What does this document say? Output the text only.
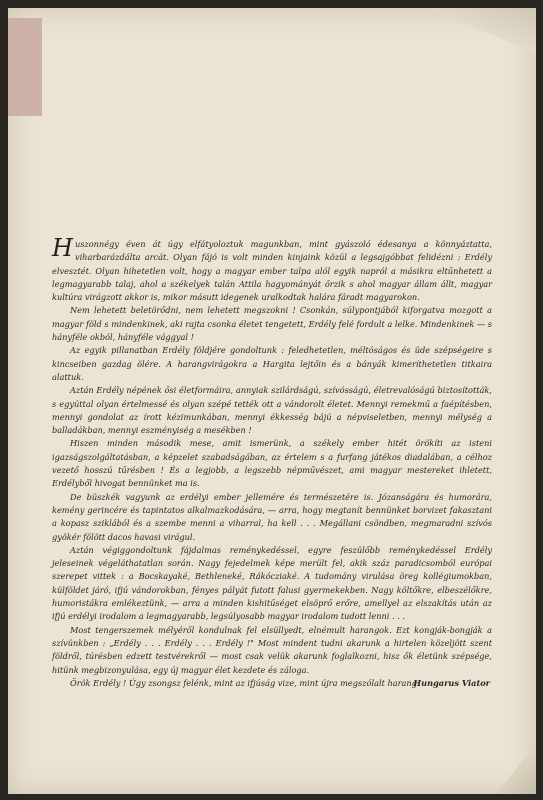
Huszonnégy éven át úgy elfátyoloztuk magunkban, mint gyászoló édesanya a könnyáztatta, viharbarázdálta arcát. Olyan fájó is volt minden kinjaink közül a legsajgóbbat felidézni : Erdély elvesztét. Olyan hihetetlen volt, hogy a magyar ember talpa alól egyik napról a másikra eltűnhetett a legmagyarabb talaj, ahol a székelyek talán Attila hagyományát őrzik s ahol magyar állam állt, magyar kultúra virágzott akkor is, mikor másutt idegenek uralkodtak halára fáradt magyarokon.

Nem lehetett beletörődni, nem lehetett megszokni ! Csonkán, súlypontjából kiforgatva mozgott a magyar föld s mindenkinek, aki rajta csonka életet tengetett, Erdély felé fordult a lelke. Mindenkinek — s hányféle okból, hányféle vággyal !

Az egyik pillanatban Erdély földjére gondoltunk : feledhetetlen, méltóságos és üde szépségeire s kincseiben gazdag ölére. A harangvirágokra a Hargita lejtőin és a bányák kimeríthetetlen titkaira alattuk.

Aztán Erdély népének ősi életformáira, annyiak szilárdságú, szívósságú, életrevalóságú biztosították, s egyúttal olyan értelmessé és olyan szépé tették ott a vándorolt életet. Mennyi remekmű a faépítésben, mennyi gondolat az írott kézimunkában, mennyi ékkesség bájú a népviseletben, mennyi mélység a balladákban, mennyi eszményiség a mesékben !

Hiszen minden második mese, amit ismerünk, a székely ember hitét örökíti az isteni igazságszolgáltatásban, a képzelet szabadságában, az értelem s a furfang játékos diadalában, a célhoz vezető hosszú tűrésben ! És a legjobb, a legszebb népművészet, ami magyar mestereket ihletett, Erdélyből hivogat bennünket ma is.

De büszkék vagyunk az erdélyi ember jellemére és természetére is. Józanságára és humorára, kemény gerincére és tapintatos alkalmazkodására, — arra, hogy megtanít bennünket borvizet fakasztani a kopasz sziklából és a szembe menni a viharral, ha kell . . . Megállani csöndben, megmaradni szívós gyökér fölött dacos havasi virágul.

Aztán végiggondoltunk fájdalmas reménykedéssel, egyre feszülőbb reménykedéssel Erdély jeleseinek végeláthatatlan során. Nagy fejedelmek képe merült fel, akik száz paradicsomból európai szerepet vittek : a Bocskayaké, Bethleneké, Rákócziaké. A tudomány virulása öreg kollégiumokban, külföldet járó, ifjú vándorokban, fényes pályát futott falusi gyermekekben. Nagy költőkre, elbeszélőkre, humoristákra emlékeztünk, — arra a minden kishitűséget elsöprő erőre, amellyel az elszakítás után az ifjú erdélyi irodalom a legmagyarabb, legsúlyosabb magyar irodalom tudott lenni . . .

Most tengerszemek mélyéről kondulnak fel elsüllyedt, elnémult harangok. Ezt kongják-bongják a szívünkben : „Erdély . . . Erdély . . . Erdély !" Most mindent tudni akarunk a hirtelen közeljött szent földről, túrésben edzett testvérekről — most csak velük akarunk foglalkozni, hisz ők életünk szépsége, hitünk megbizonyulása, egy új magyar élet kezdete és záloga.

Örök Erdély ! Úgy zsongsz felénk, mint az ifjúság vize, mint újra megszólalt harang.

Hungarus Viator
